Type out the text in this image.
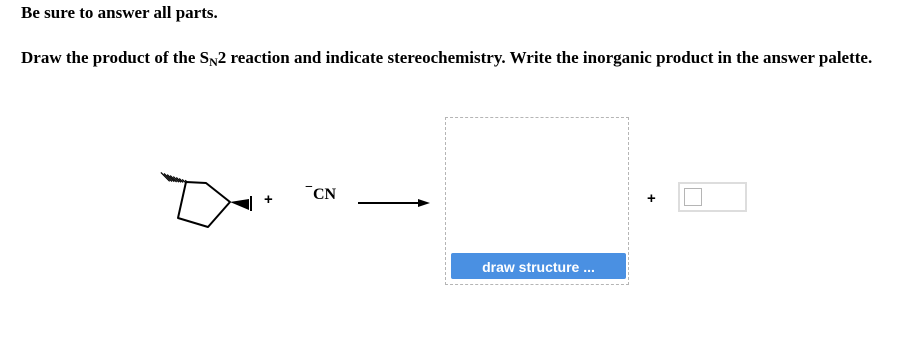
Be sure to answer all parts.
Draw the product of the $S_N2$ reaction and indicate stereochemistry. Write the inorganic product in the answer palette.
+
−CN
draw structure ...
+
